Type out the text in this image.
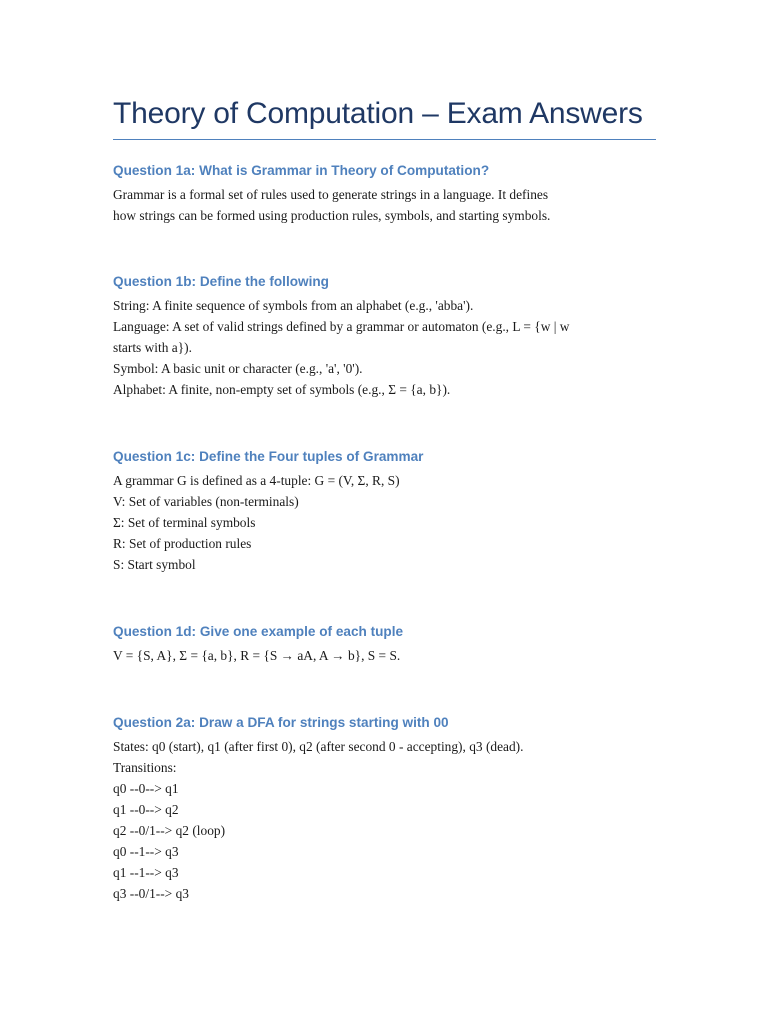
Theory of Computation – Exam Answers
Question 1a: What is Grammar in Theory of Computation?

Grammar is a formal set of rules used to generate strings in a language. It defines

how strings can be formed using production rules, symbols, and starting symbols.

Question 1b: Define the following

String: A finite sequence of symbols from an alphabet (e.g., 'abba').

Language: A set of valid strings defined by a grammar or automaton (e.g., L = {w | w

starts with a}).

Symbol: A basic unit or character (e.g., 'a', '0').

Alphabet: A finite, non-empty set of symbols (e.g., Σ = {a, b}).

Question 1c: Define the Four tuples of Grammar

A grammar G is defined as a 4-tuple: G = (V, Σ, R, S)

V: Set of variables (non-terminals)

Σ: Set of terminal symbols

R: Set of production rules

S: Start symbol

Question 1d: Give one example of each tuple

V = {S, A}, Σ = {a, b}, R = {S → aA, A → b}, S = S.

Question 2a: Draw a DFA for strings starting with 00

States: q0 (start), q1 (after first 0), q2 (after second 0 - accepting), q3 (dead).

Transitions:

q0 --0--> q1

q1 --0--> q2

q2 --0/1--> q2 (loop)

q0 --1--> q3

q1 --1--> q3

q3 --0/1--> q3
